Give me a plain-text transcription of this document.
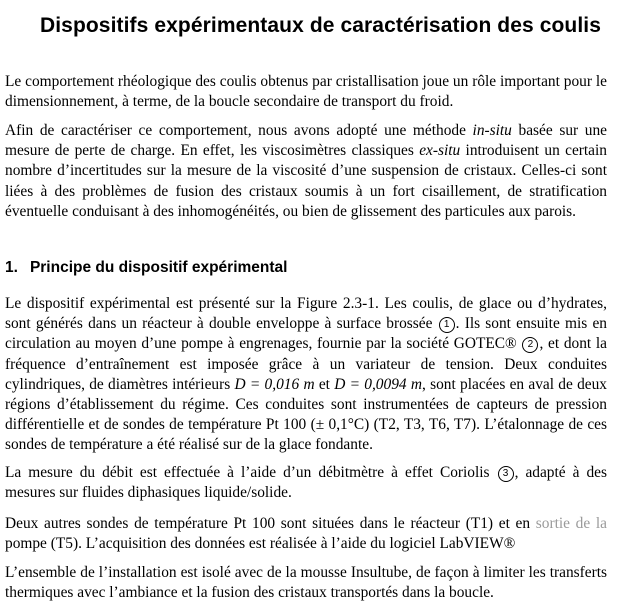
Dispositifs expérimentaux de caractérisation des coulis
Le comportement rhéologique des coulis obtenus par cristallisation joue un rôle important pour le dimensionnement, à terme, de la boucle secondaire de transport du froid.
Afin de caractériser ce comportement, nous avons adopté une méthode in-situ basée sur une mesure de perte de charge. En effet, les viscosimètres classiques ex-situ introduisent un certain nombre d’incertitudes sur la mesure de la viscosité d’une suspension de cristaux. Celles-ci sont liées à des problèmes de fusion des cristaux soumis à un fort cisaillement, de stratification éventuelle conduisant à des inhomogénéités, ou bien de glissement des particules aux parois.
1. Principe du dispositif expérimental
Le dispositif expérimental est présenté sur la Figure 2.3-1. Les coulis, de glace ou d’hydrates, sont générés dans un réacteur à double enveloppe à surface brossée 1 . Ils sont ensuite mis en circulation au moyen d’une pompe à engrenages, fournie par la société GOTEC® 2 , et dont la fréquence d’entraînement est imposée grâce à un variateur de tension. Deux conduites cylindriques, de diamètres intérieurs D = 0,016 m et D = 0,0094 m, sont placées en aval de deux régions d’établissement du régime. Ces conduites sont instrumentées de capteurs de pression différentielle et de sondes de température Pt 100 (± 0,1°C) (T2, T3, T6, T7). L’étalonnage de ces sondes de température a été réalisé sur de la glace fondante.
La mesure du débit est effectuée à l’aide d’un débitmètre à effet Coriolis 3 , adapté à des mesures sur fluides diphasiques liquide/solide.
Deux autres sondes de température Pt 100 sont situées dans le réacteur (T1) et en sortie de la pompe (T5). L’acquisition des données est réalisée à l’aide du logiciel LabVIEW®
L’ensemble de l’installation est isolé avec de la mousse Insultube, de façon à limiter les transferts thermiques avec l’ambiance et la fusion des cristaux transportés dans la boucle.
